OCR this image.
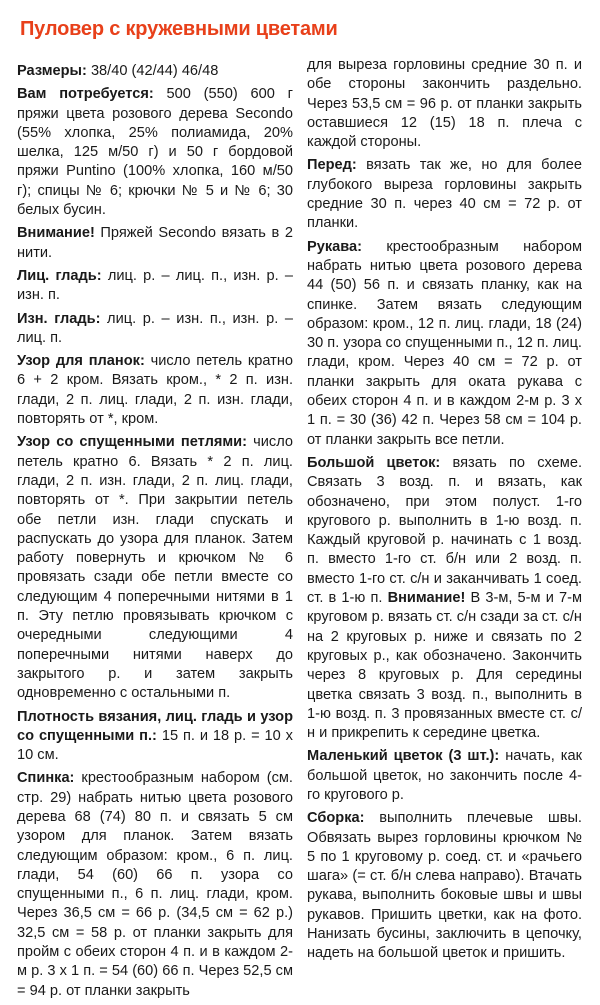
Пуловер с кружевными цветами

Размеры: 38/40 (42/44) 46/48

Вам потребуется: 500 (550) 600 г пряжи цвета розового дерева Secondo (55% хлопка, 25% полиамида, 20% шелка, 125 м/50 г) и 50 г бордовой пряжи Puntino (100% хлопка, 160 м/50 г); спицы № 6; крючки № 5 и № 6; 30 белых бусин.

Внимание! Пряжей Secondo вязать в 2 нити.

Лиц. гладь: лиц. р. – лиц. п., изн. р. – изн. п.

Изн. гладь: лиц. р. – изн. п., изн. р. – лиц. п.

Узор для планок: число петель кратно 6 + 2 кром. Вязать кром., * 2 п. изн. глади, 2 п. лиц. глади, 2 п. изн. глади, повторять от *, кром.

Узор со спущенными петлями: число петель кратно 6. Вязать * 2 п. лиц. глади, 2 п. изн. глади, 2 п. лиц. глади, повторять от *. При закрытии петель обе петли изн. глади спускать и распускать до узора для планок. Затем работу повернуть и крючком № 6 провязать сзади обе петли вместе со следующим 4 поперечными нитями в 1 п. Эту петлю провязывать крючком с очередными следующими 4 поперечными нитями наверх до закрытого р. и затем закрыть одновременно с остальными п.

Плотность вязания, лиц. гладь и узор со спущенными п.: 15 п. и 18 р. = 10 х 10 см.

Спинка: крестообразным набором (см. стр. 29) набрать нитью цвета розового дерева 68 (74) 80 п. и связать 5 см узором для планок. Затем вязать следующим образом: кром., 6 п. лиц. глади, 54 (60) 66 п. узора со спущенными п., 6 п. лиц. глади, кром. Через 36,5 см = 66 р. (34,5 см = 62 р.) 32,5 см = 58 р. от планки закрыть для пройм с обеих сторон 4 п. и в каждом 2-м р. 3 х 1 п. = 54 (60) 66 п. Через 52,5 см = 94 р. от планки закрыть

для выреза горловины средние 30 п. и обе стороны закончить раздельно. Через 53,5 см = 96 р. от планки закрыть оставшиеся 12 (15) 18 п. плеча с каждой стороны.

Перед: вязать так же, но для более глубокого выреза горловины закрыть средние 30 п. через 40 см = 72 р. от планки.

Рукава: крестообразным набором набрать нитью цвета розового дерева 44 (50) 56 п. и связать планку, как на спинке. Затем вязать следующим образом: кром., 12 п. лиц. глади, 18 (24) 30 п. узора со спущенными п., 12 п. лиц. глади, кром. Через 40 см = 72 р. от планки закрыть для оката рукава с обеих сторон 4 п. и в каждом 2-м р. 3 х 1 п. = 30 (36) 42 п. Через 58 см = 104 р. от планки закрыть все петли.

Большой цветок: вязать по схеме. Связать 3 возд. п. и вязать, как обозначено, при этом полуст. 1-го кругового р. выполнить в 1-ю возд. п. Каждый круговой р. начинать с 1 возд. п. вместо 1-го ст. б/н или 2 возд. п. вместо 1-го ст. с/н и заканчивать 1 соед. ст. в 1-ю п. Внимание! В 3-м, 5-м и 7-м круговом р. вязать ст. с/н сзади за ст. с/н на 2 круговых р. ниже и связать по 2 круговых р., как обозначено. Закончить через 8 круговых р. Для середины цветка связать 3 возд. п., выполнить в 1-ю возд. п. 3 провязанных вместе ст. с/н и прикрепить к середине цветка.

Маленький цветок (3 шт.): начать, как большой цветок, но закончить после 4-го кругового р.

Сборка: выполнить плечевые швы. Обвязать вырез горловины крючком № 5 по 1 круговому р. соед. ст. и «рачьего шага» (= ст. б/н слева направо). Втачать рукава, выполнить боковые швы и швы рукавов. Пришить цветки, как на фото. Нанизать бусины, заключить в цепочку, надеть на большой цветок и пришить.
